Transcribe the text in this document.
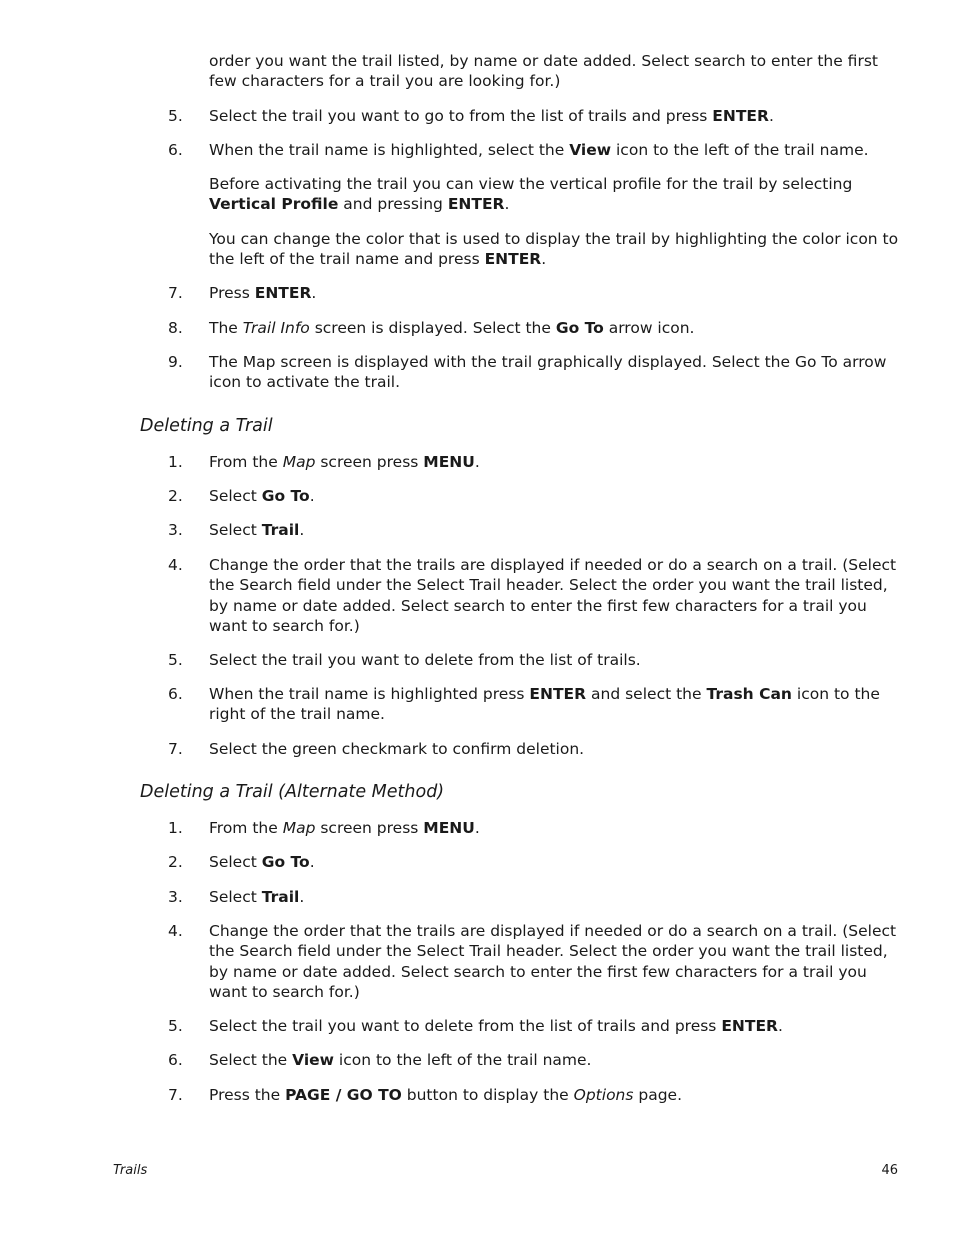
order you want the trail listed, by name or date added. Select search to enter the first few characters for a trail you are looking for.)

5. Select the trail you want to go to from the list of trails and press ENTER.

6. When the trail name is highlighted, select the View icon to the left of the trail name.

Before activating the trail you can view the vertical profile for the trail by selecting Vertical Profile and pressing ENTER.

You can change the color that is used to display the trail by highlighting the color icon to the left of the trail name and press ENTER.

7. Press ENTER.

8. The Trail Info screen is displayed. Select the Go To arrow icon.

9. The Map screen is displayed with the trail graphically displayed. Select the Go To arrow icon to activate the trail.

Deleting a Trail

1. From the Map screen press MENU.

2. Select Go To.

3. Select Trail.

4. Change the order that the trails are displayed if needed or do a search on a trail. (Select the Search field under the Select Trail header. Select the order you want the trail listed, by name or date added. Select search to enter the first few characters for a trail you want to search for.)

5. Select the trail you want to delete from the list of trails.

6. When the trail name is highlighted press ENTER and select the Trash Can icon to the right of the trail name.

7. Select the green checkmark to confirm deletion.

Deleting a Trail (Alternate Method)

1. From the Map screen press MENU.

2. Select Go To.

3. Select Trail.

4. Change the order that the trails are displayed if needed or do a search on a trail. (Select the Search field under the Select Trail header. Select the order you want the trail listed, by name or date added. Select search to enter the first few characters for a trail you want to search for.)

5. Select the trail you want to delete from the list of trails and press ENTER.

6. Select the View icon to the left of the trail name.

7. Press the PAGE / GO TO button to display the Options page.

Trails	46
